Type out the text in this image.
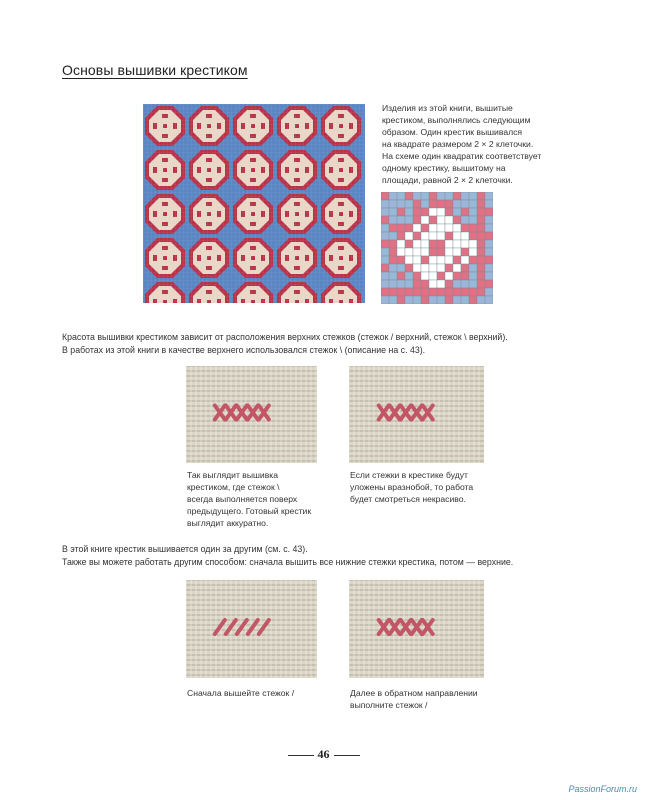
Основы вышивки крестиком
Изделия из этой книги, вышитые
крестиком, выполнялись следующим
образом. Один крестик вышивался
на квадрате размером 2 × 2 клеточки.
На схеме один квадратик соответствует
одному крестику, вышитому на
площади, равной 2 × 2 клеточки.
Красота вышивки крестиком зависит от расположения верхних стежков (стежок / верхний, стежок \ верхний).
В работах из этой книги в качестве верхнего использовался стежок \ (описание на с. 43).
Так выглядит вышивка
крестиком, где стежок \
всегда выполняется поверх
предыдущего. Готовый крестик
выглядит аккуратно.
Если стежки в крестике будут
уложены вразнобой, то работа
будет смотреться некрасиво.
В этой книге крестик вышивается один за другим (см. с. 43).
Также вы можете работать другим способом: сначала вышить все нижние стежки крестика, потом — верхние.
Сначала вышейте стежок /	Далее в обратном направлении
выполните стежок /
46
PassionForum.ru
